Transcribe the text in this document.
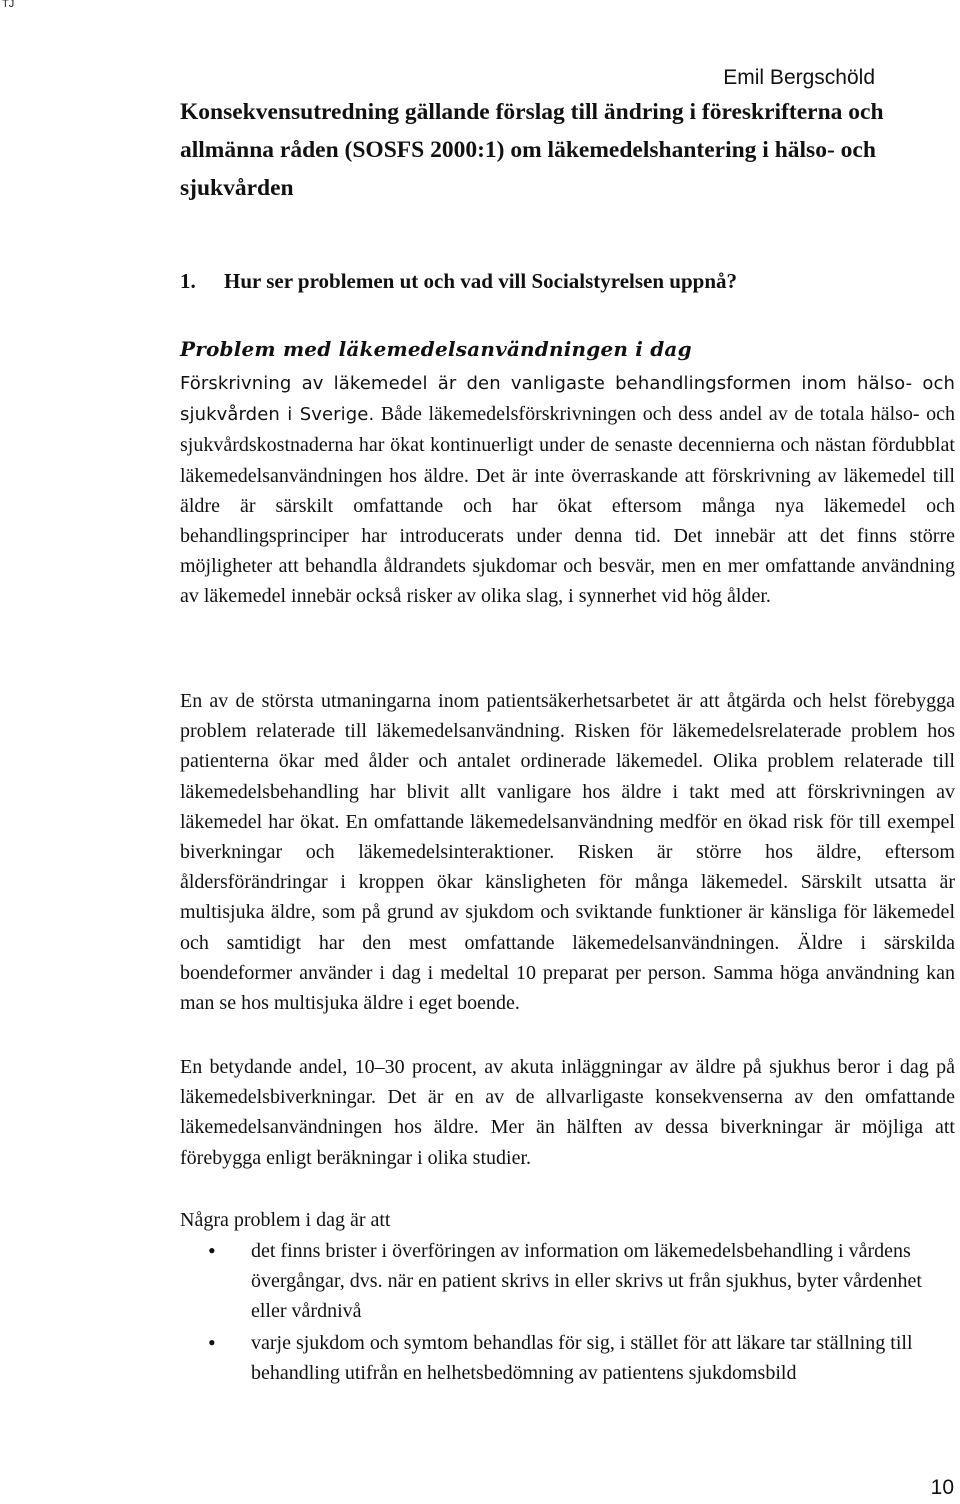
TJ
Emil Bergschöld
Konsekvensutredning gällande förslag till ändring i föreskrifterna och allmänna råden (SOSFS 2000:1) om läkemedelshantering i hälso- och sjukvården
1. Hur ser problemen ut och vad vill Socialstyrelsen uppnå?
Problem med läkemedelsanvändningen i dag

Förskrivning av läkemedel är den vanligaste behandlingsformen inom hälso- och sjukvården i Sverige. Både läkemedelsförskrivningen och dess andel av de totala hälso- och sjukvårdskostnaderna har ökat kontinuerligt under de senaste decennierna och nästan fördubblat läkemedelsanvändningen hos äldre. Det är inte överraskande att förskrivning av läkemedel till äldre är särskilt omfattande och har ökat eftersom många nya läkemedel och behandlingsprinciper har introducerats under denna tid. Det innebär att det finns större möjligheter att behandla åldrandets sjukdomar och besvär, men en mer omfattande användning av läkemedel innebär också risker av olika slag, i synnerhet vid hög ålder.

En av de största utmaningarna inom patientsäkerhetsarbetet är att åtgärda och helst förebygga problem relaterade till läkemedelsanvändning. Risken för läkemedelsrelaterade problem hos patienterna ökar med ålder och antalet ordinerade läkemedel. Olika problem relaterade till läkemedelsbehandling har blivit allt vanligare hos äldre i takt med att förskrivningen av läkemedel har ökat. En omfattande läkemedelsanvändning medför en ökad risk för till exempel biverkningar och läkemedelsinteraktioner. Risken är större hos äldre, eftersom åldersförändringar i kroppen ökar känsligheten för många läkemedel. Särskilt utsatta är multisjuka äldre, som på grund av sjukdom och sviktande funktioner är känsliga för läkemedel och samtidigt har den mest omfattande läkemedelsanvändningen. Äldre i särskilda boendeformer använder i dag i medeltal 10 preparat per person. Samma höga användning kan man se hos multisjuka äldre i eget boende.

En betydande andel, 10–30 procent, av akuta inläggningar av äldre på sjukhus beror i dag på läkemedelsbiverkningar. Det är en av de allvarligaste konsekvenserna av den omfattande läkemedelsanvändningen hos äldre. Mer än hälften av dessa biverkningar är möjliga att förebygga enligt beräkningar i olika studier.

Några problem i dag är att

• det finns brister i överföringen av information om läkemedelsbehandling i vårdens övergångar, dvs. när en patient skrivs in eller skrivs ut från sjukhus, byter vårdenhet eller vårdnivå
• varje sjukdom och symtom behandlas för sig, i stället för att läkare tar ställning till behandling utifrån en helhetsbedömning av patientens sjukdomsbild
10
